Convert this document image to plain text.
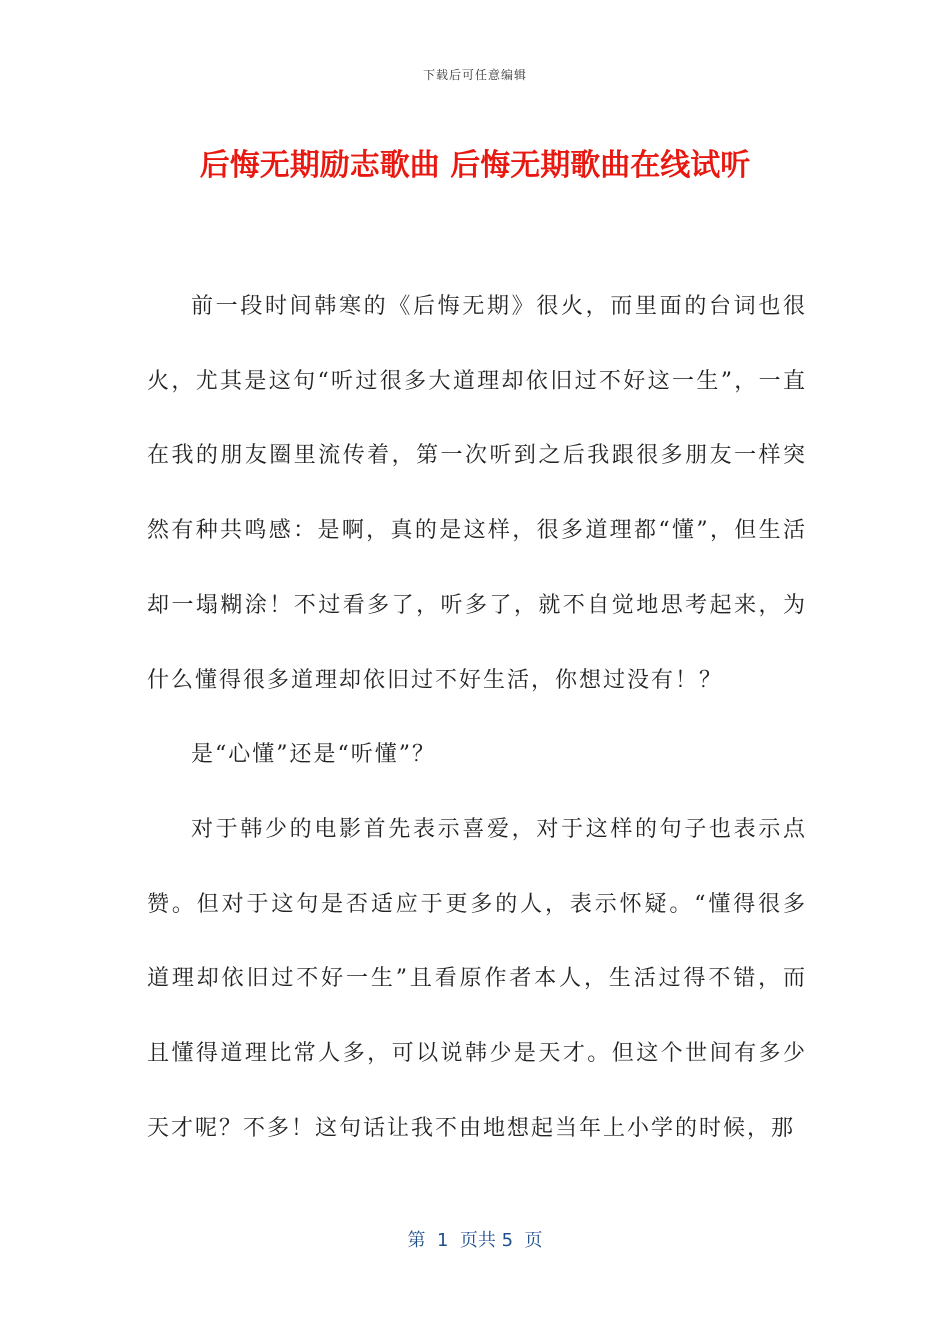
下载后可任意编辑
后悔无期励志歌曲 后悔无期歌曲在线试听

前一段时间韩寒的《后悔无期》很火，而里面的台词也很火，尤其是这句“听过很多大道理却依旧过不好这一生”，一直在我的朋友圈里流传着，第一次听到之后我跟很多朋友一样突然有种共鸣感：是啊，真的是这样，很多道理都“懂”，但生活却一塌糊涂！不过看多了，听多了，就不自觉地思考起来，为什么懂得很多道理却依旧过不好生活，你想过没有！？

是“心懂”还是“听懂”？

对于韩少的电影首先表示喜爱，对于这样的句子也表示点赞。但对于这句是否适应于更多的人，表示怀疑。“懂得很多道理却依旧过不好一生”且看原作者本人，生活过得不错，而且懂得道理比常人多，可以说韩少是天才。但这个世间有多少天才呢？不多！这句话让我不由地想起当年上小学的时候，那

第  1  页共 5  页
